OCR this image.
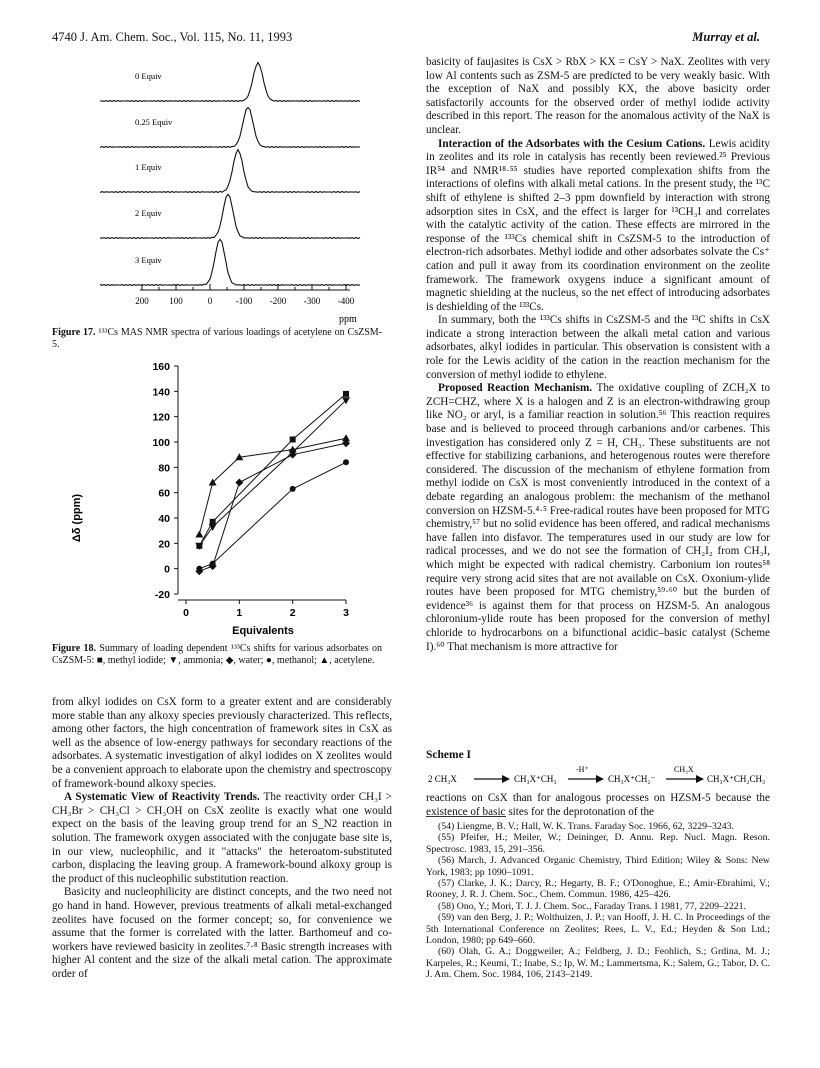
4740 J. Am. Chem. Soc., Vol. 115, No. 11, 1993	Murray et al.
0 Equiv
0.25 Equiv
1 Equiv
2 Equiv
3 Equiv
200 100	0	-100 -200 -300 -400
ppm
Figure 17. ¹³³Cs MAS NMR spectra of various loadings of acetylene on CsZSM-5.
160
140
120
100
80
60
40
20
0
-20
0	1	2	3
Δδ (ppm)
Equivalents
Figure 18. Summary of loading dependent ¹³³Cs shifts for various adsorbates on CsZSM-5: ■, methyl iodide; ▼, ammonia; ◆, water; ●, methanol; ▲, acetylene.

from alkyl iodides on CsX form to a greater extent and are considerably more stable than any alkoxy species previously characterized. This reflects, among other factors, the high concentration of framework sites in CsX as well as the absence of low-energy pathways for secondary reactions of the adsorbates. A systematic investigation of alkyl iodides on X zeolites would be a convenient approach to elaborate upon the chemistry and spectroscopy of framework-bound alkoxy species.

A Systematic View of Reactivity Trends. The reactivity order CH₃I > CH₃Br > CH₃Cl > CH₃OH on CsX zeolite is exactly what one would expect on the basis of the leaving group trend for an S_N2 reaction in solution. The framework oxygen associated with the conjugate base site is, in our view, nucleophilic, and it "attacks" the heteroatom-substituted carbon, displacing the leaving group. A framework-bound alkoxy group is the product of this nucleophilic substitution reaction.

Basicity and nucleophilicity are distinct concepts, and the two need not go hand in hand. However, previous treatments of alkali metal-exchanged zeolites have focused on the former concept; so, for convenience we assume that the former is correlated with the latter. Barthomeuf and co-workers have reviewed basicity in zeolites.⁷·⁸ Basic strength increases with higher Al content and the size of the alkali metal cation. The approximate order of

basicity of faujasites is CsX > RbX > KX = CsY > NaX. Zeolites with very low Al contents such as ZSM-5 are predicted to be very weakly basic. With the exception of NaX and possibly KX, the above basicity order satisfactorily accounts for the observed order of methyl iodide activity described in this report. The reason for the anomalous activity of the NaX is unclear.

Interaction of the Adsorbates with the Cesium Cations. Lewis acidity in zeolites and its role in catalysis has recently been reviewed.²⁵ Previous IR⁵⁴ and NMR¹⁸·⁵⁵ studies have reported complexation shifts from the interactions of olefins with alkali metal cations. In the present study, the ¹³C shift of ethylene is shifted 2–3 ppm downfield by interaction with strong adsorption sites in CsX, and the effect is larger for ¹³CH₃I and correlates with the catalytic activity of the cation. These effects are mirrored in the response of the ¹³³Cs chemical shift in CsZSM-5 to the introduction of electron-rich adsorbates. Methyl iodide and other adsorbates solvate the Cs⁺ cation and pull it away from its coordination environment on the zeolite framework. The framework oxygens induce a significant amount of magnetic shielding at the nucleus, so the net effect of introducing adsorbates is deshielding of the ¹³³Cs.

In summary, both the ¹³³Cs shifts in CsZSM-5 and the ¹³C shifts in CsX indicate a strong interaction between the alkali metal cation and various adsorbates, alkyl iodides in particular. This observation is consistent with a role for the Lewis acidity of the cation in the reaction mechanism for the conversion of methyl iodide to ethylene.

Proposed Reaction Mechanism. The oxidative coupling of ZCH₂X to ZCH=CHZ, where X is a halogen and Z is an electron-withdrawing group like NO₂ or aryl, is a familiar reaction in solution.⁵⁶ This reaction requires base and is believed to proceed through carbanions and/or carbenes. This investigation has considered only Z = H, CH₃. These substituents are not effective for stabilizing carbanions, and heterogenous routes were therefore considered. The discussion of the mechanism of ethylene formation from methyl iodide on CsX is most conveniently introduced in the context of a debate regarding an analogous problem: the mechanism of the methanol conversion on HZSM-5.⁴·⁵ Free-radical routes have been proposed for MTG chemistry,⁵⁷ but no solid evidence has been offered, and radical mechanisms have fallen into disfavor. The temperatures used in our study are low for radical processes, and we do not see the formation of CH₂I₂ from CH₃I, which might be expected with radical chemistry. Carbonium ion routes⁵⁸ require very strong acid sites that are not available on CsX. Oxonium-ylide routes have been proposed for MTG chemistry,⁵⁹·⁶⁰ but the burden of evidence³⁶ is against them for that process on HZSM-5. An analogous chloronium-ylide route has been proposed for the conversion of methyl chloride to hydrocarbons on a bifunctional acidic–basic catalyst (Scheme I).⁶⁰ That mechanism is more attractive for

Scheme I
2 CH₃X	CH₃X⁺CH₃
-H⁺
CH₃X⁺CH₂⁻
CH₃X
CH₃X⁺CH₂CH₃

reactions on CsX than for analogous processes on HZSM-5 because the existence of basic sites for the deprotonation of the

(54) Liengme, B. V.; Hall, W. K. Trans. Faraday Soc. 1966, 62, 3229–3243.
(55) Pfeifer, H.; Meiler, W.; Deininger, D. Annu. Rep. Nucl. Magn. Reson. Spectrosc. 1983, 15, 291–356.
(56) March, J. Advanced Organic Chemistry, Third Edition; Wiley & Sons: New York, 1983; pp 1090–1091.
(57) Clarke, J. K.; Darcy, R.; Hegarty, B. F.; O'Donoghue, E.; Amir-Ebrahimi, V.; Rooney, J. R. J. Chem. Soc., Chem. Commun. 1986, 425–426.
(58) Ono, Y.; Mori, T. J. J. Chem. Soc., Faraday Trans. I 1981, 77, 2209–2221.
(59) van den Berg, J. P.; Wolthuizen, J. P.; van Hooff, J. H. C. In Proceedings of the 5th International Conference on Zeolites; Rees, L. V., Ed.; Heyden & Son Ltd.; London, 1980; pp 649–660.
(60) Olah, G. A.; Doggweiler, A.; Feldberg, J. D.; Feohlich, S.; Grdina, M. J.; Karpeles, R.; Keumi, T.; Inabe, S.; Ip, W. M.; Lammertsma, K.; Salem, G.; Tabor, D. C. J. Am. Chem. Soc. 1984, 106, 2143–2149.
